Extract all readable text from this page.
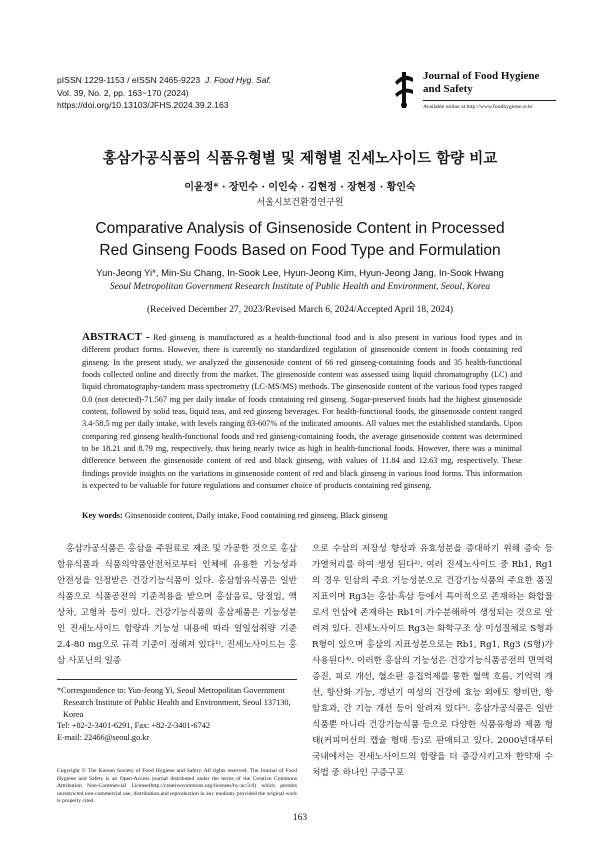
pISSN 1229-1153 / eISSN 2465-9223 J. Food Hyg. Saf.
Vol. 39, No. 2, pp. 163~170 (2024)
https://doi.org/10.13103/JFHS.2024.39.2.163
Journal of Food Hygiene
and Safety
Available online at http://www.foodhygiene.or.kr
홍삼가공식품의 식품유형별 및 제형별 진세노사이드 함량 비교
이윤정* · 장민수 · 이인숙 · 김현정 · 장현정 · 황인숙
서울시보건환경연구원
Comparative Analysis of Ginsenoside Content in Processed
Red Ginseng Foods Based on Food Type and Formulation
Yun-Jeong Yi*, Min-Su Chang, In-Sook Lee, Hyun-Jeong Kim, Hyun-Jeong Jang, In-Sook Hwang
Seoul Metropolitan Government Research Institute of Public Health and Environment, Seoul, Korea
(Received December 27, 2023/Revised March 6, 2024/Accepted April 18, 2024)
ABSTRACT - Red ginseng is manufactured as a health-functional food and is also present in various food types and in different product forms. However, there is currently no standardized regulation of ginsenoside content in foods containing red ginseng. In the present study, we analyzed the ginsenoside content of 66 red ginseng-containing foods and 35 health-functional foods collected online and directly from the market. The ginsenoside content was assessed using liquid chromatography (LC) and liquid chromatography-tandem mass spectrometry (LC-MS/MS) methods. The ginsenoside content of the various food types ranged 0.0 (not detected)-71.567 mg per daily intake of foods containing red ginseng. Sugar-preserved foods had the highest ginsenoside content, followed by solid teas, liquid teas, and red ginseng beverages. For health-functional foods, the ginsenoside content ranged 3.4-58.5 mg per daily intake, with levels ranging 83-607% of the indicated amounts. All values met the established standards. Upon comparing red ginseng health-functional foods and red ginseng-containing foods, the average ginsenoside content was determined to be 18.21 and 8.79 mg, respectively, thus being nearly twice as high in health-functional foods. However, there was a minimal difference between the ginsenoside content of red and black ginseng, with values of 11.84 and 12.63 mg, respectively. These findings provide insights on the variations in ginsenoside content of red and black ginseng in various food forms. This information is expected to be valuable for future regulations and consumer choice of products containing red ginseng.
Key words: Ginsenoside content, Daily intake, Food containing red ginseng, Black ginseng
홍삼가공식품은 홍삼을 주원료로 제조 및 가공한 것으로 홍삼함유식품과 식품의약품안전처로부터 인체에 유용한 기능성과 안전성을 인정받은 건강기능식품이 있다. 홍삼함유식품은 일반식품으로 식품공전의 기준적용을 받으며 홍삼음료, 당절임, 액상차, 고형차 등이 있다. 건강기능식품의 홍삼제품은 기능성분인 진세노사이드 함량과 기능성 내용에 따라 일일섭취량 기준 2.4-80 mg으로 규격 기준이 정해져 있다¹⁾. 진세노사이드는 홍삼 사포닌의 일종
으로 수삼의 저장성 향상과 유효성분을 증대하기 위해 증숙 등 가열처리를 하여 생성 된다²⁾. 여러 진세노사이드 중 Rb1, Rg1의 경우 인삼의 주요 기능성분으로 건강기능식품의 주요한 품질 지표이며 Rg3는 홍삼·흑삼 등에서 특이적으로 존재하는 화합물로서 인삼에 존재하는 Rb1이 가수분해하여 생성되는 것으로 알려져 있다. 진세노사이드 Rg3는 화학구조 상 이성질체로 S형과 R형이 있으며 홍삼의 지표성분으로는 Rb1, Rg1, Rg3 (S형)가 사용된다⁴⁾. 이러한 홍삼의 기능성은 건강기능식품공전의 면역력 증진, 피로 개선, 혈소판 응집억제를 통한 혈액 흐름, 기억력 개선, 항산화 기능, 갱년기 여성의 건강에 효능 외에도 항비만, 항암효과, 간 기능 개선 등이 알려져 있다⁵⁾. 홍삼가공식품은 일반식품뿐 아니라 건강기능식품 등으로 다양한 식품유형과 제품 형태(커피머신의 캡슐 형태 등)로 판매되고 있다. 2000년대부터 국내에서는 진세노사이드의 함량을 더 증강시키고자 한약재 수처법 중 하나인 구증구포
*Correspondence to: Yun-Jeong Yi, Seoul Metropolitan Government Research Institute of Public Health and Environment, Seoul 137130, Korea
Tel: +82-2-3401-6291, Fax: +82-2-3401-6742
E-mail: 22466@seoul.go.kr
Copyright © The Korean Society of Food Hygiene and Safety. All rights reserved. The Journal of Food Hygiene and Safety is an Open-Access journal distributed under the terms of the Creative Commons Attribution Non-Commercial License(http://creativecommons.org/licenses/by-nc/3.0) which permits unrestricted non-commercial use, distribution,and reproduction in any medium, provided the original work is properly cited.
163
